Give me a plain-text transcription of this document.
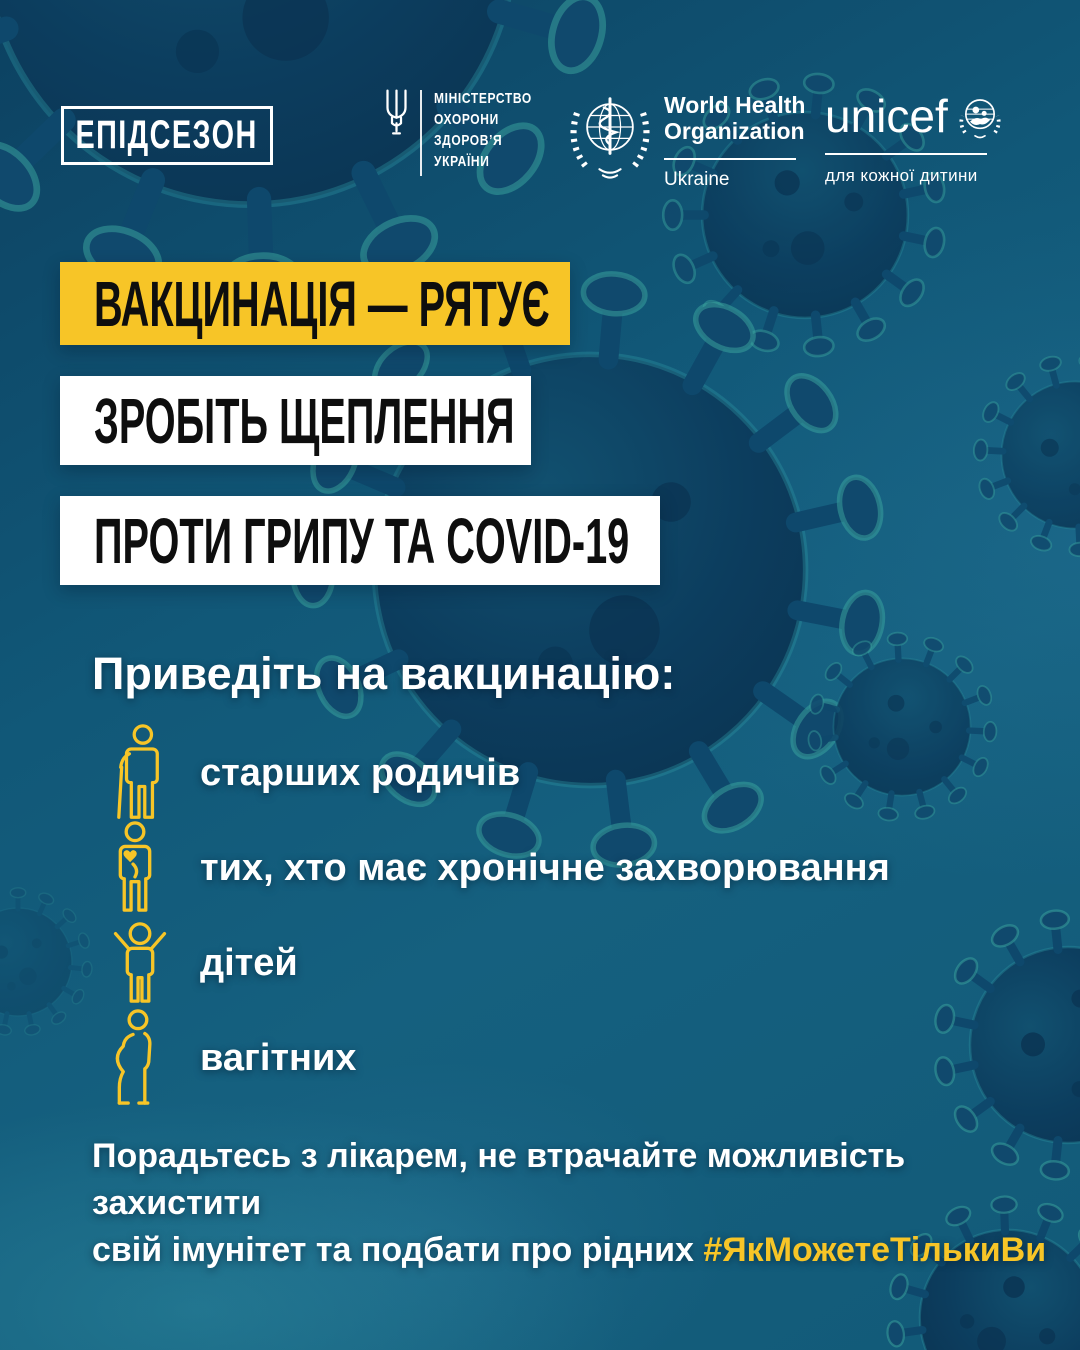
ЕПІДСЕЗОН
МІНІСТЕРСТВО
ОХОРОНИ
ЗДОРОВ’Я
УКРАЇНИ
World Health
Organization
Ukraine
unicef
для кожної дитини
ВАКЦИНАЦІЯ — РЯТУЄ
ЗРОБІТЬ ЩЕПЛЕННЯ
ПРОТИ ГРИПУ ТА COVID-19
Приведіть на вакцинацію:
старших родичів
тих, хто має хронічне захворювання
дітей
вагітних
Порадьтесь з лікарем, не втрачайте можливість захистити
свій імунітет та подбати про рідних #ЯкМожетеТількиВи
